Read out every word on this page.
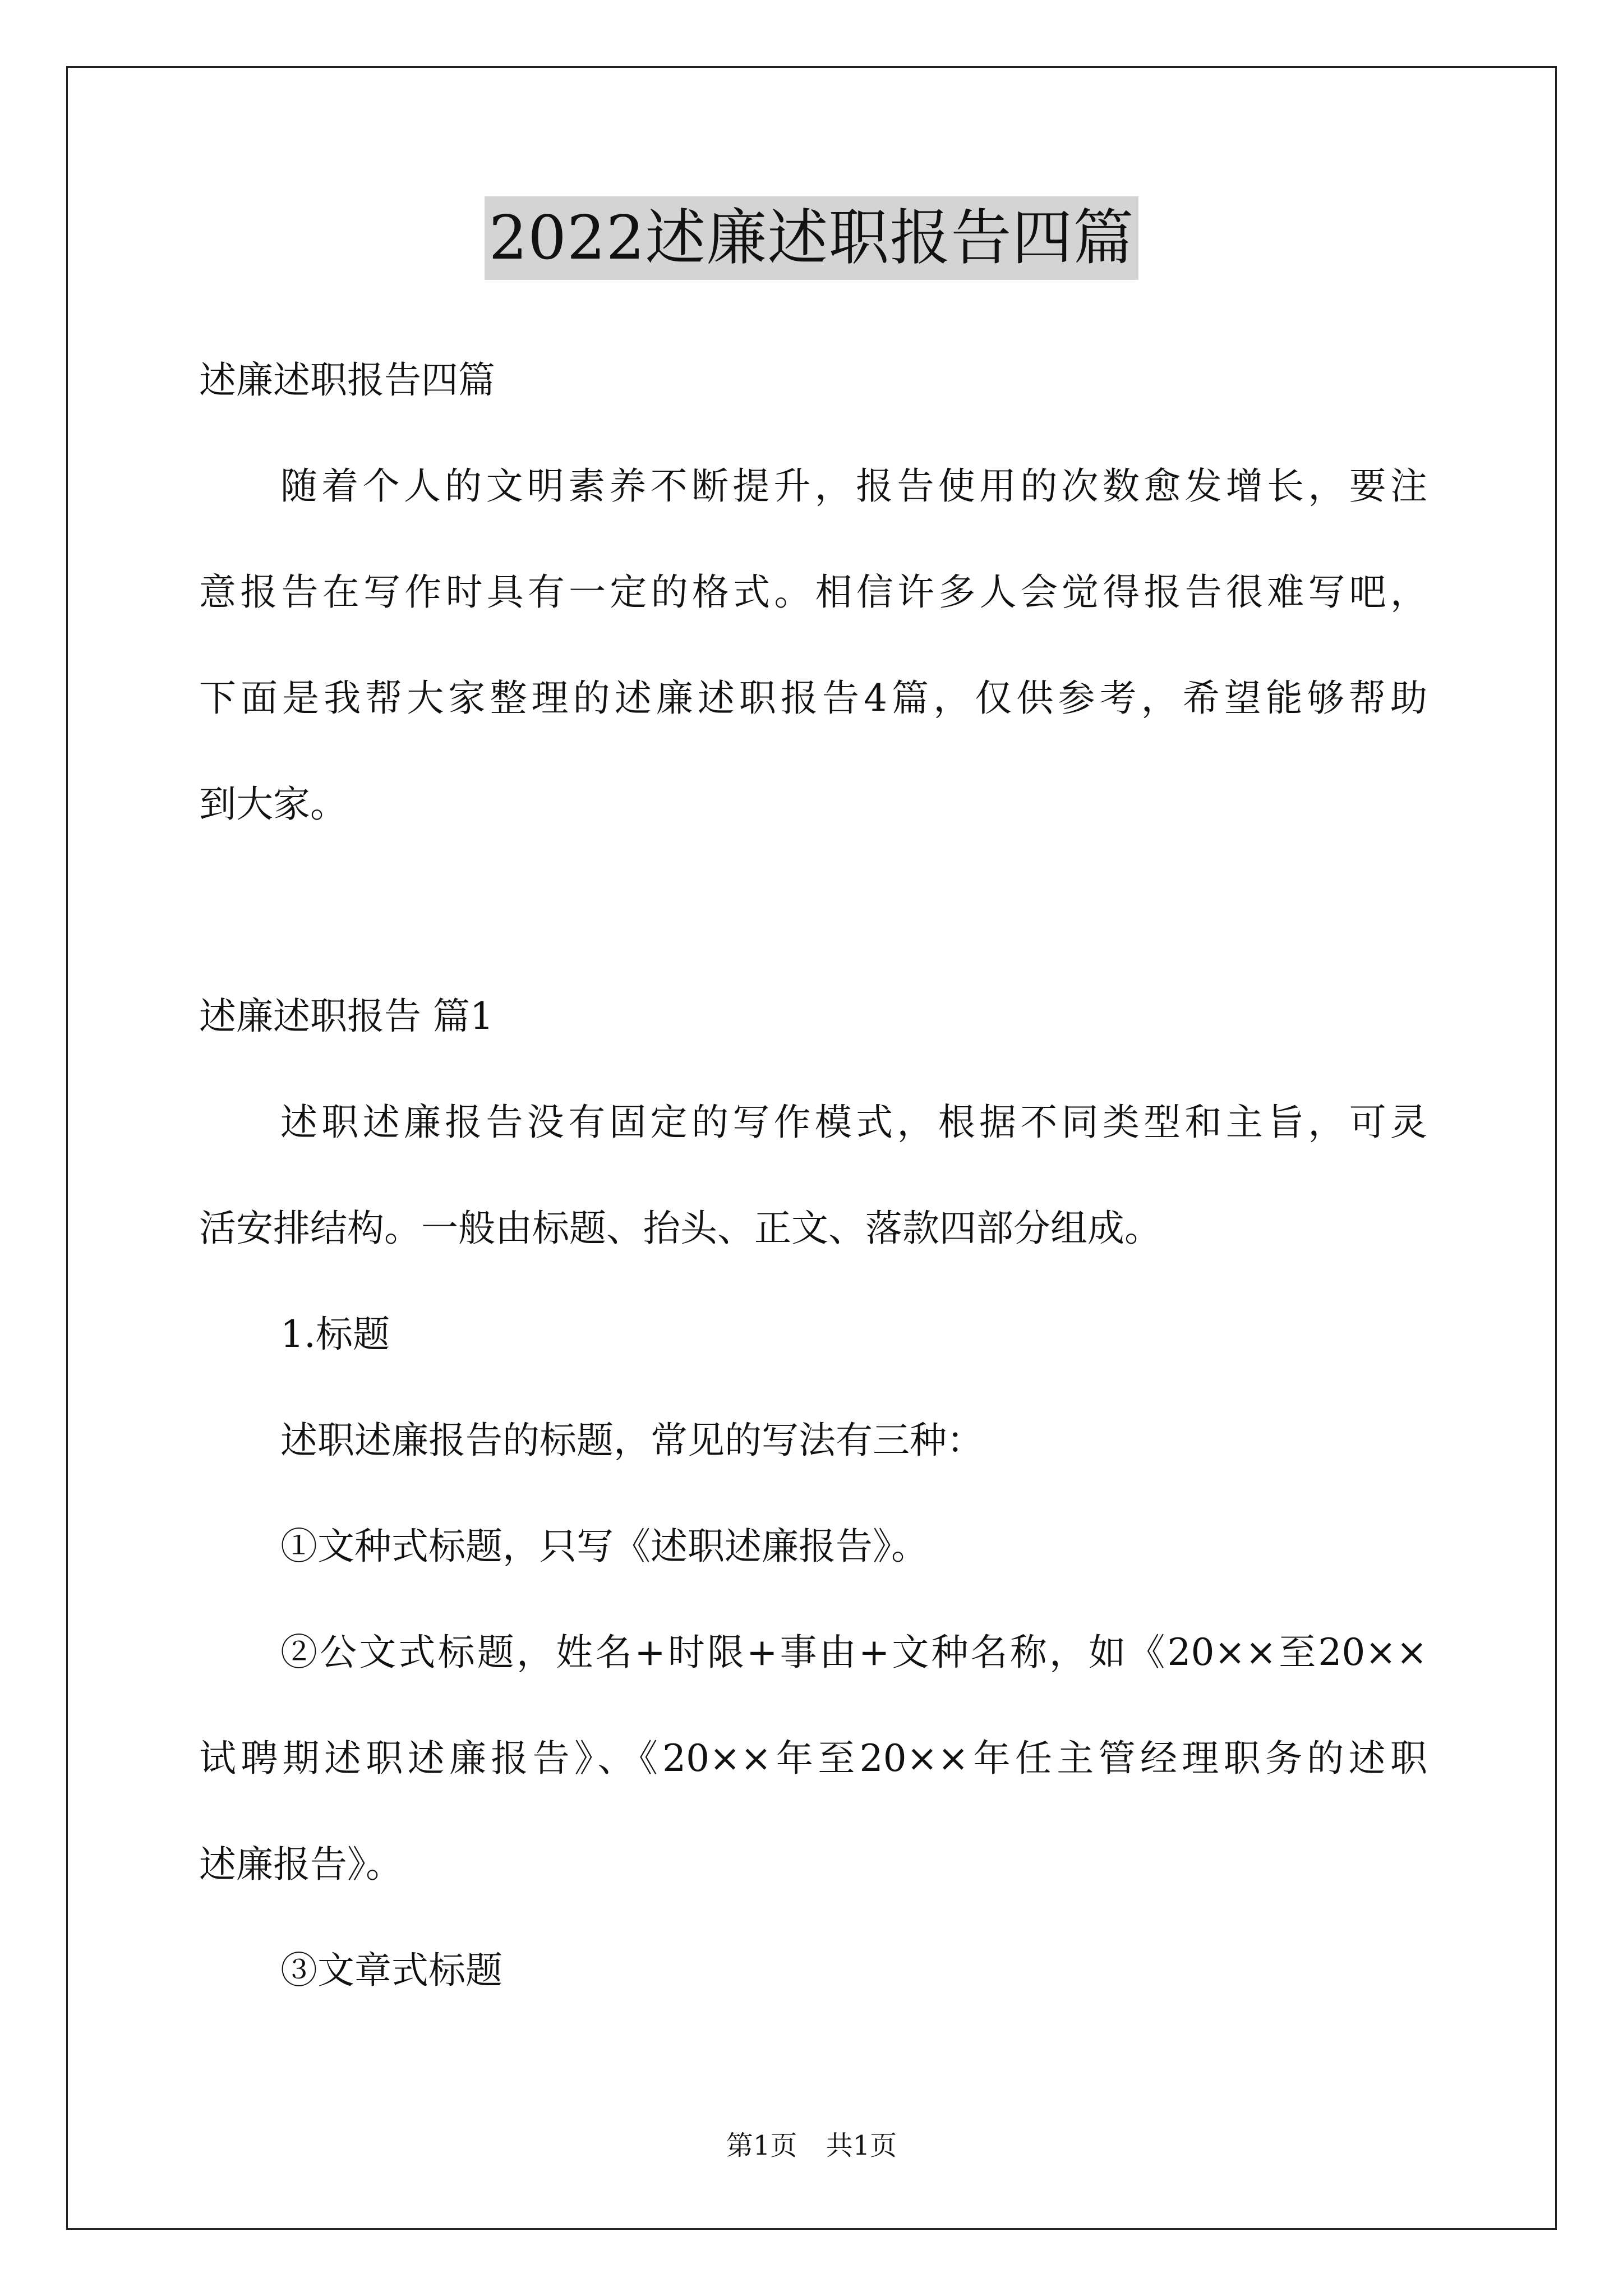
2022述廉述职报告四篇
述廉述职报告四篇
随着个人的文明素养不断提升，报告使用的次数愈发增长，要注
意报告在写作时具有一定的格式。相信许多人会觉得报告很难写吧，
下面是我帮大家整理的述廉述职报告4篇，仅供参考，希望能够帮助
到大家。
述廉述职报告 篇1
述职述廉报告没有固定的写作模式，根据不同类型和主旨，可灵
活安排结构。一般由标题、抬头、正文、落款四部分组成。
1.标题
述职述廉报告的标题，常见的写法有三种：
①文种式标题，只写《述职述廉报告》。
②公文式标题，姓名+时限+事由+文种名称，如《20××至20××
试聘期述职述廉报告》、《20××年至20××年任主管经理职务的述职
述廉报告》。
③文章式标题
第1页 共1页
